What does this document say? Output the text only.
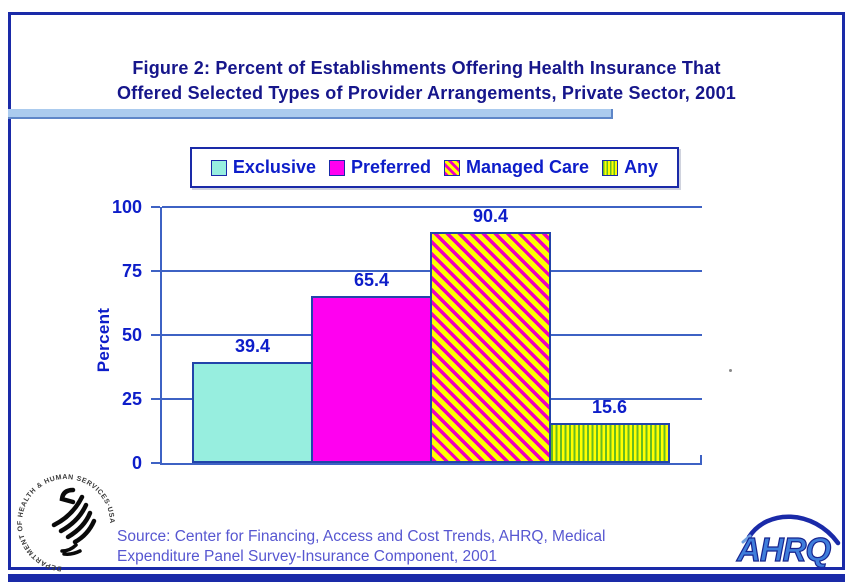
Figure 2: Percent of Establishments Offering Health Insurance That
Offered Selected Types of Provider Arrangements, Private Sector, 2001
Exclusive Preferred Managed Care Any
Percent
0
25
50
75
100
39.4
65.4
90.4
15.6
Source: Center for Financing, Access and Cost Trends, AHRQ, Medical
Expenditure Panel Survey-Insurance Component, 2001
DEPARTMENT OF HEALTH & HUMAN SERVICES·USA
AHRQ
